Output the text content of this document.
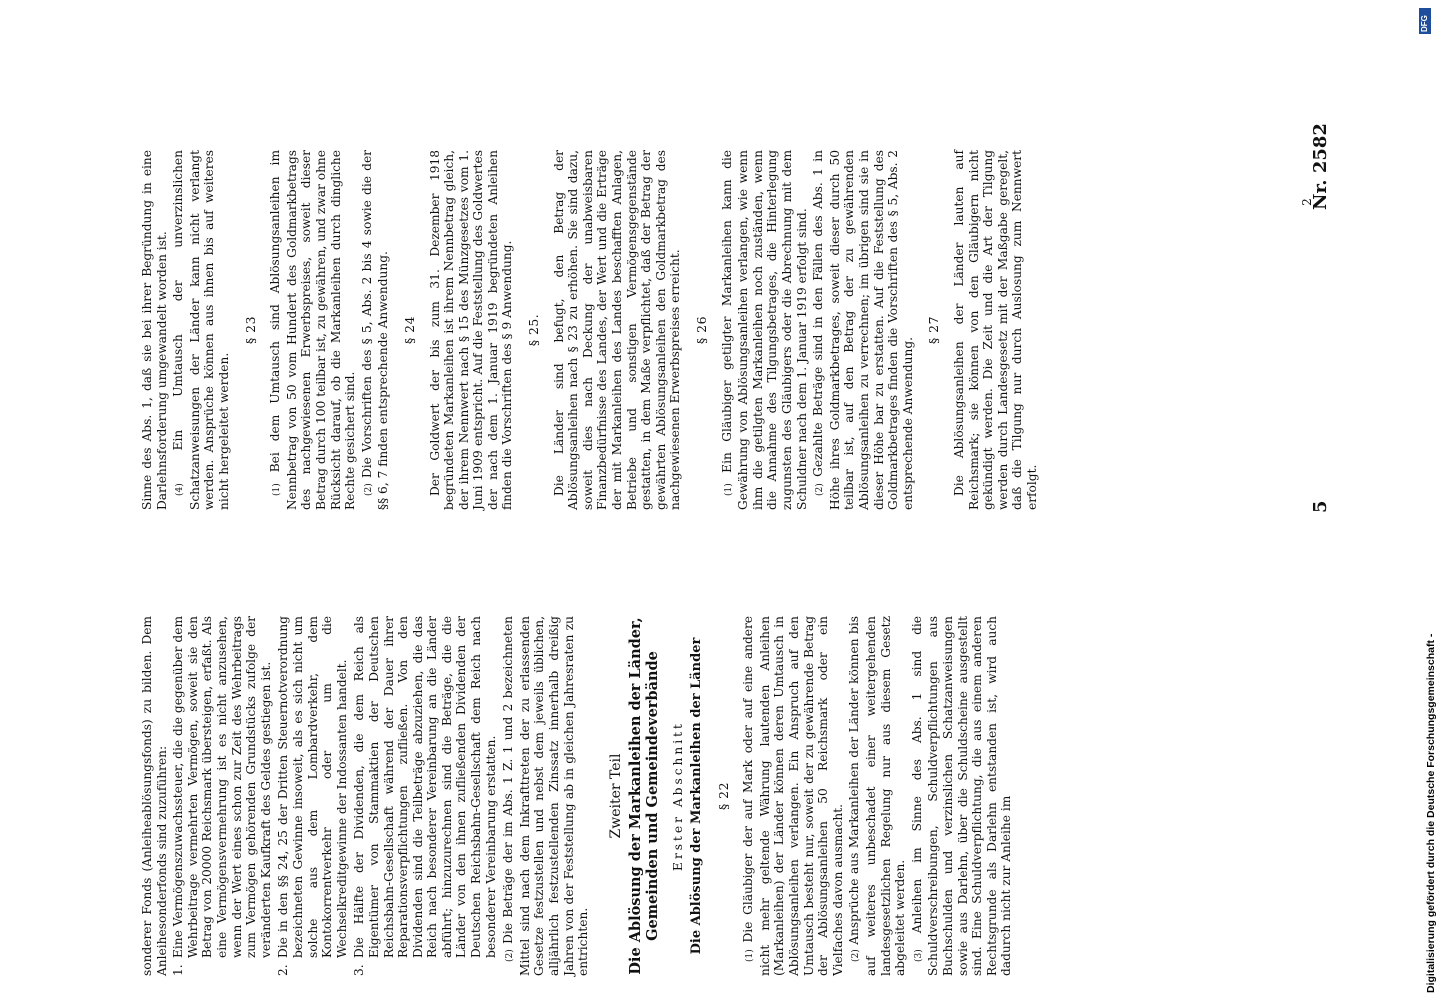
sonderer Fonds (Anleiheablösungsfonds) zu bilden. Dem Anleihesonderfonds sind zuzuführen: 1.
Eine Vermögenszuwachssteuer, die die gegenüber dem Wehrbeitrage vermehrten Vermögen, soweit sie den Betrag von 20000 Reichsmark übersteigen, erfaßt. Als eine Vermögensvermehrung ist es nicht anzusehen, wenn der Wert eines schon zur Zeit des Wehrbeitrags zum Vermögen gehörenden Grundstücks zufolge der veränderten Kaufkraft des Geldes gestiegen ist.
2.
Die in den §§ 24, 25 der Dritten Steuernotverordnung bezeichneten Gewinne insoweit, als es sich nicht um solche aus dem Lombardverkehr, dem Kontokorrentverkehr oder um die Wechselkreditgewinne der Indossanten handelt.
3.
Die Hälfte der Dividenden, die dem Reich als Eigentümer von Stammaktien der Deutschen Reichsbahn-Gesellschaft während der Dauer ihrer Reparationsverpflichtungen zufließen. Von den Dividenden sind die Teilbeträge abzuziehen, die das Reich nach besonderer Vereinbarung an die Länder abführt; hinzuzurechnen sind die Beträge, die die Länder von den ihnen zufließenden Dividenden der Deutschen Reichsbahn-Gesellschaft dem Reich nach besonderer Vereinbarung erstatten. (2) Die Beträge der im Abs. 1 Z. 1 und 2 bezeichneten Mittel sind nach dem Inkrafttreten der zu erlassenden Gesetze festzustellen und nebst dem jeweils üblichen, alljährlich festzustellenden Zinssatz innerhalb dreißig Jahren von der Feststellung ab in gleichen Jahresraten zu entrichten.

Zweiter Teil Die Ablösung der Markanleihen der Länder, Gemeinden und Gemeindeverbände Erster Abschnitt Die Ablösung der Markanleihen der Länder § 22

(1) Die Gläubiger der auf Mark oder auf eine andere nicht mehr geltende Währung lautenden Anleihen (Markanleihen) der Länder können deren Umtausch in Ablösungsanleihen verlangen. Ein Anspruch auf den Umtausch besteht nur, soweit der zu gewährende Betrag der Ablösungsanleihen 50 Reichsmark oder ein Vielfaches davon ausmacht. (2) Ansprüche aus Markanleihen der Länder können bis auf weiteres unbeschadet einer weitergehenden landesgesetzlichen Regelung nur aus diesem Gesetz abgeleitet werden. (3) Anleihen im Sinne des Abs. 1 sind die Schuldverschreibungen, Schuldverpflichtungen aus Buchschulden und verzinslichen Schatzanweisungen sowie aus Darlehn, über die Schuldscheine ausgestellt sind. Eine Schuldverpflichtung, die aus einem anderen Rechtsgrunde als Darlehn entstanden ist, wird auch dadurch nicht zur Anleihe im

Sinne des Abs. 1, daß sie bei ihrer Begründung in eine Darlehnsforderung umgewandelt worden ist. (4) Ein Umtausch der unverzinslichen Schatzanweisungen der Länder kann nicht verlangt werden. Ansprüche können aus ihnen bis auf weiteres nicht hergeleitet werden.

§ 23

(1) Bei dem Umtausch sind Ablösungsanleihen im Nennbetrag von 50 vom Hundert des Goldmarkbetrags des nachgewiesenen Erwerbspreises, soweit dieser Betrag durch 100 teilbar ist, zu gewähren, und zwar ohne Rücksicht darauf, ob die Markanleihen durch dingliche Rechte gesichert sind. (2) Die Vorschriften des § 5, Abs. 2 bis 4 sowie die der §§ 6, 7 finden entsprechende Anwendung. § 24 Der Goldwert der bis zum 31. Dezember 1918 begründeten Markanleihen ist ihrem Nennbetrag gleich, der ihrem Nennwert nach § 15 des Münzgesetzes vom 1. Juni 1909 entspricht. Auf die Feststellung des Goldwertes der nach dem 1. Januar 1919 begründeten Anleihen finden die Vorschriften des § 9 Anwendung. § 25. Die Länder sind befugt, den Betrag der Ablösungsanleihen nach § 23 zu erhöhen. Sie sind dazu, soweit dies nach Deckung der unabweisbaren Finanzbedürfnisse des Landes, der Wert und die Erträge der mit Markanleihen des Landes beschafften Anlagen, Betriebe und sonstigen Vermögensgegenstände gestatten, in dem Maße verpflichtet, daß der Betrag der gewährten Ablösungsanleihen den Goldmarkbetrag des nachgewiesenen Erwerbspreises erreicht. § 26

(1) Ein Gläubiger getilgter Markanleihen kann die Gewährung von Ablösungsanleihen verlangen, wie wenn ihm die getilgten Markanleihen noch zuständen, wenn die Annahme des Tilgungsbetrages, die Hinterlegung zugunsten des Gläubigers oder die Abrechnung mit dem Schuldner nach dem 1. Januar 1919 erfolgt sind. (2) Gezahlte Beträge sind in den Fällen des Abs. 1 in Höhe ihres Goldmarkbetrages, soweit dieser durch 50 teilbar ist, auf den Betrag der zu gewährenden Ablösungsanleihen zu verrechnen; im übrigen sind sie in dieser Höhe bar zu erstatten. Auf die Feststellung des Goldmarkbetrages finden die Vorschriften des § 5, Abs. 2 entsprechende Anwendung.

§ 27 Die Ablösungsanleihen der Länder lauten auf Reichsmark; sie können von den Gläubigern nicht gekündigt werden. Die Zeit und die Art der Tilgung werden durch Landesgesetz mit der Maßgabe geregelt, daß die Tilgung nur durch Auslosung zum Nennwert erfolgt.	5
Nr. 2582
2
Digitalisierung gefördert durch die Deutsche Forschungsgemeinschaft -
DFG
